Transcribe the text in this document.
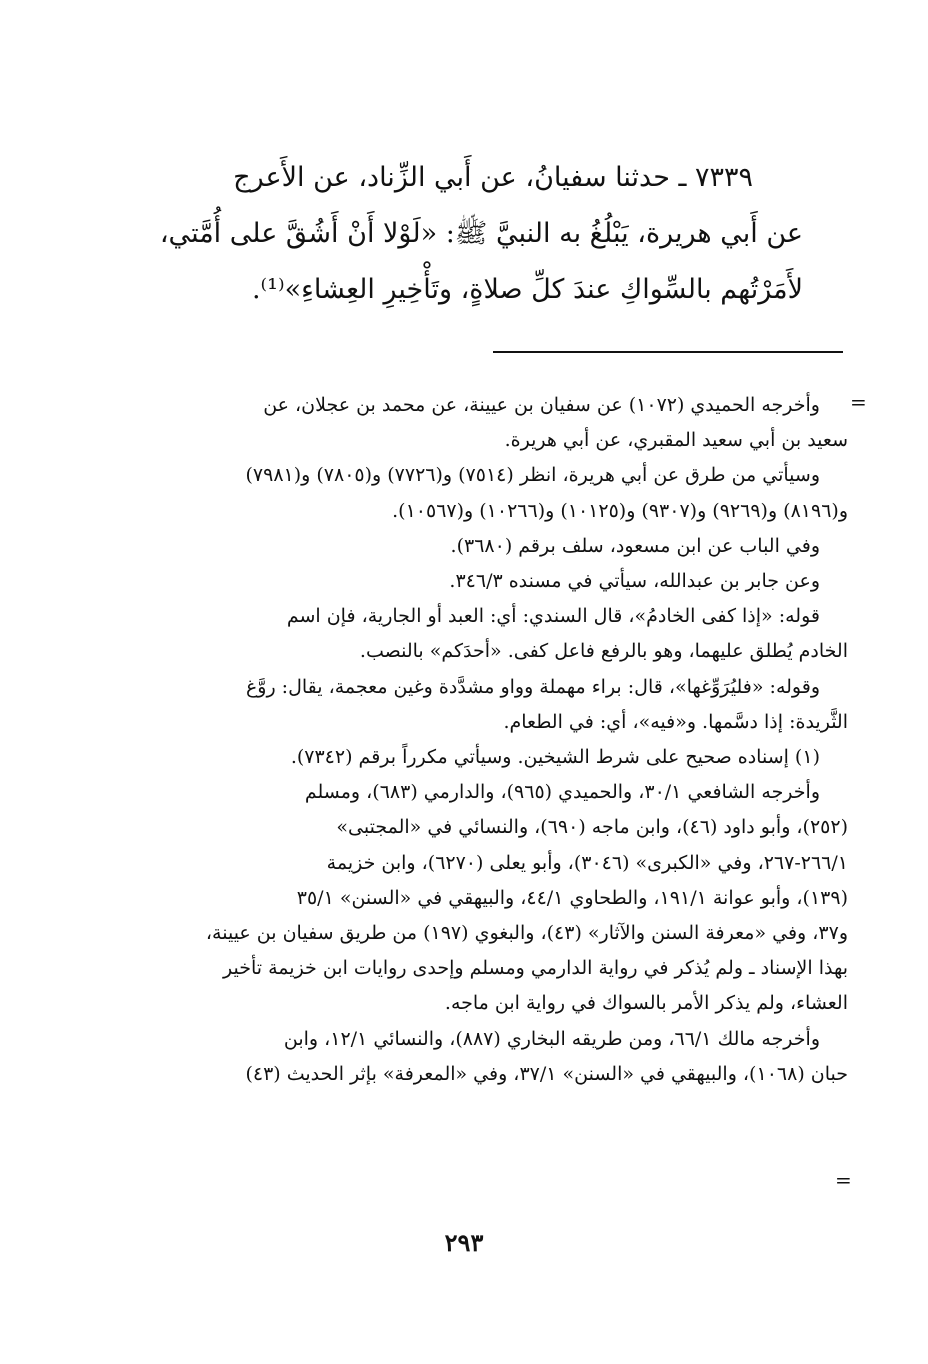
٧٣٣٩ ـ حدثنا سفيانُ، عن أَبي الزِّناد، عن الأَعرج
عن أَبي هريرة، يَبْلُغُ به النبيَّ ﷺ: «لَوْلا أَنْ أَشُقَّ على أُمَّتي،
لأَمَرْتُهم بالسِّواكِ عندَ كلِّ صلاةٍ، وتَأْخِيرِ العِشاءِ»⁽¹⁾.
=
وأخرجه الحميدي (١٠٧٢) عن سفيان بن عيينة، عن محمد بن عجلان، عن
سعيد بن أبي سعيد المقبري، عن أبي هريرة.
وسيأتي من طرق عن أبي هريرة، انظر (٧٥١٤) و(٧٧٢٦) و(٧٨٠٥) و(٧٩٨١)
و(٨١٩٦) و(٩٢٦٩) و(٩٣٠٧) و(١٠١٢٥) و(١٠٢٦٦) و(١٠٥٦٧).
وفي الباب عن ابن مسعود، سلف برقم (٣٦٨٠).
وعن جابر بن عبدالله، سيأتي في مسنده ٣٤٦/٣.
قوله: «إذا كفى الخادمُ»، قال السندي: أي: العبد أو الجارية، فإن اسم
الخادم يُطلق عليهما، وهو بالرفع فاعل كفى. «أحدَكم» بالنصب.
وقوله: «فليُرَوِّغها»، قال: براء مهملة وواو مشدَّدة وغين معجمة، يقال: روَّغ
الثَّريدة: إذا دسَّمها. و«فيه»، أي: في الطعام.
(١) إسناده صحيح على شرط الشيخين. وسيأتي مكرراً برقم (٧٣٤٢).
وأخرجه الشافعي ٣٠/١، والحميدي (٩٦٥)، والدارمي (٦٨٣)، ومسلم
(٢٥٢)، وأبو داود (٤٦)، وابن ماجه (٦٩٠)، والنسائي في «المجتبى»
٢٦٦/١-٢٦٧، وفي «الكبرى» (٣٠٤٦)، وأبو يعلى (٦٢٧٠)، وابن خزيمة
(١٣٩)، وأبو عوانة ١٩١/١، والطحاوي ٤٤/١، والبيهقي في «السنن» ٣٥/١
و٣٧، وفي «معرفة السنن والآثار» (٤٣)، والبغوي (١٩٧) من طريق سفيان بن عيينة،
بهذا الإسناد ـ ولم يُذكر في رواية الدارمي ومسلم وإحدى روايات ابن خزيمة تأخير
العشاء، ولم يذكر الأمر بالسواك في رواية ابن ماجه.
وأخرجه مالك ٦٦/١، ومن طريقه البخاري (٨٨٧)، والنسائي ١٢/١، وابن
حبان (١٠٦٨)، والبيهقي في «السنن» ٣٧/١، وفي «المعرفة» بإثر الحديث (٤٣)
=
٢٩٣
